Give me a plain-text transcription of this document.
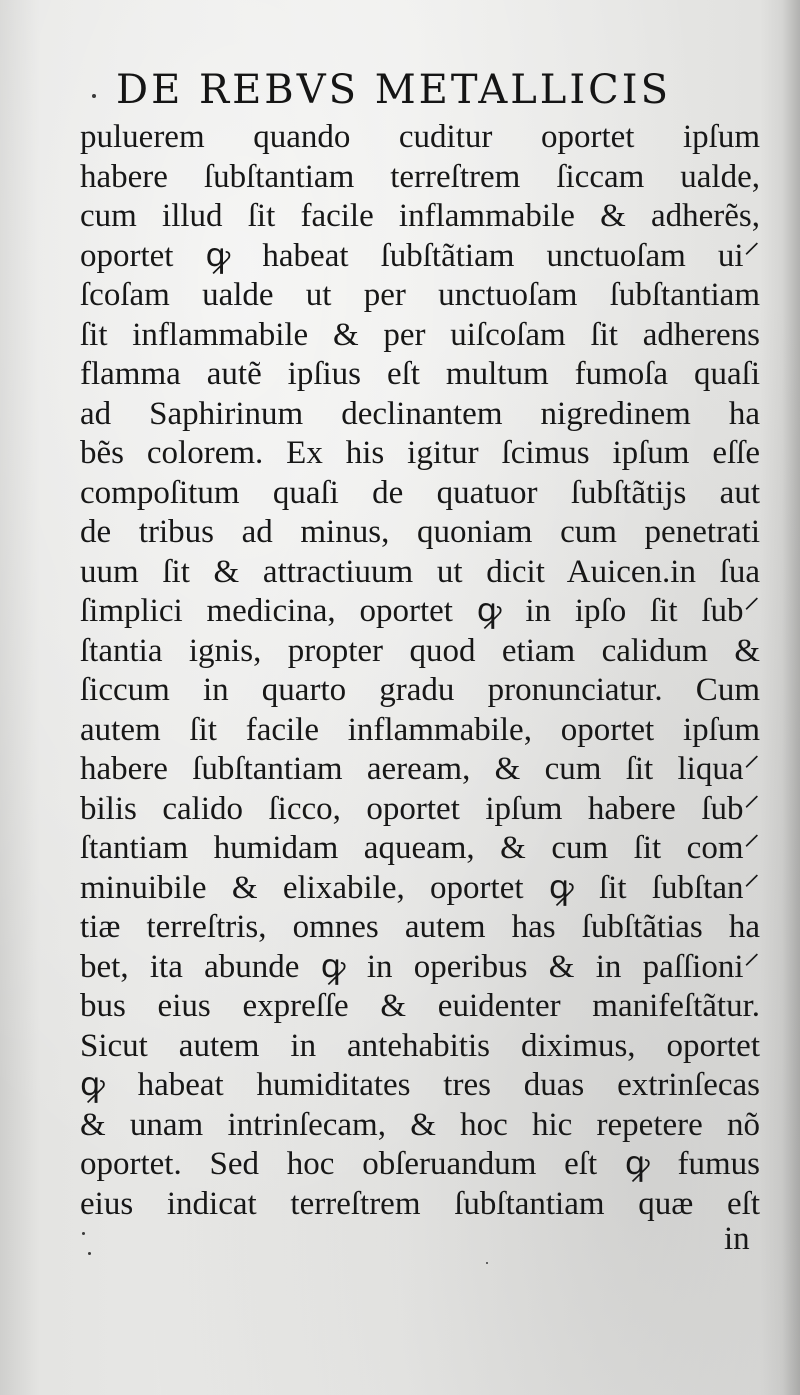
DE REBVS METALLICIS
puluerem quando cuditur oportet ipſum
habere ſubſtantiam terreſtrem ſiccam ualde,
cum illud ſit facile inflammabile & adherẽs,
oportet ꝙ habeat ſubſtãtiam unctuoſam ui⸍
ſcoſam ualde ut per unctuoſam ſubſtantiam
ſit inflammabile & per uiſcoſam ſit adherens
flamma autẽ ipſius eſt multum fumoſa quaſi
ad Saphirinum declinantem nigredinem ha
bẽs colorem. Ex his igitur ſcimus ipſum eſſe
compoſitum quaſi de quatuor ſubſtãtijs aut
de tribus ad minus, quoniam cum penetrati
uum ſit & attractiuum ut dicit Auicen.in ſua
ſimplici medicina, oportet ꝙ in ipſo ſit ſub⸍
ſtantia ignis, propter quod etiam calidum &
ſiccum in quarto gradu pronunciatur. Cum
autem ſit facile inflammabile, oportet ipſum
habere ſubſtantiam aeream, & cum ſit liqua⸍
bilis calido ſicco, oportet ipſum habere ſub⸍
ſtantiam humidam aqueam, & cum ſit com⸍
minuibile & elixabile, oportet ꝙ ſit ſubſtan⸍
tiæ terreſtris, omnes autem has ſubſtãtias ha
bet, ita abunde ꝙ in operibus & in paſſioni⸍
bus eius expreſſe & euidenter manifeſtãtur.
Sicut autem in antehabitis diximus, oportet
ꝙ habeat humiditates tres duas extrinſecas
& unam intrinſecam, & hoc hic repetere nõ
oportet. Sed hoc obſeruandum eſt ꝙ fumus
eius indicat terreſtrem ſubſtantiam quæ eſt
in
